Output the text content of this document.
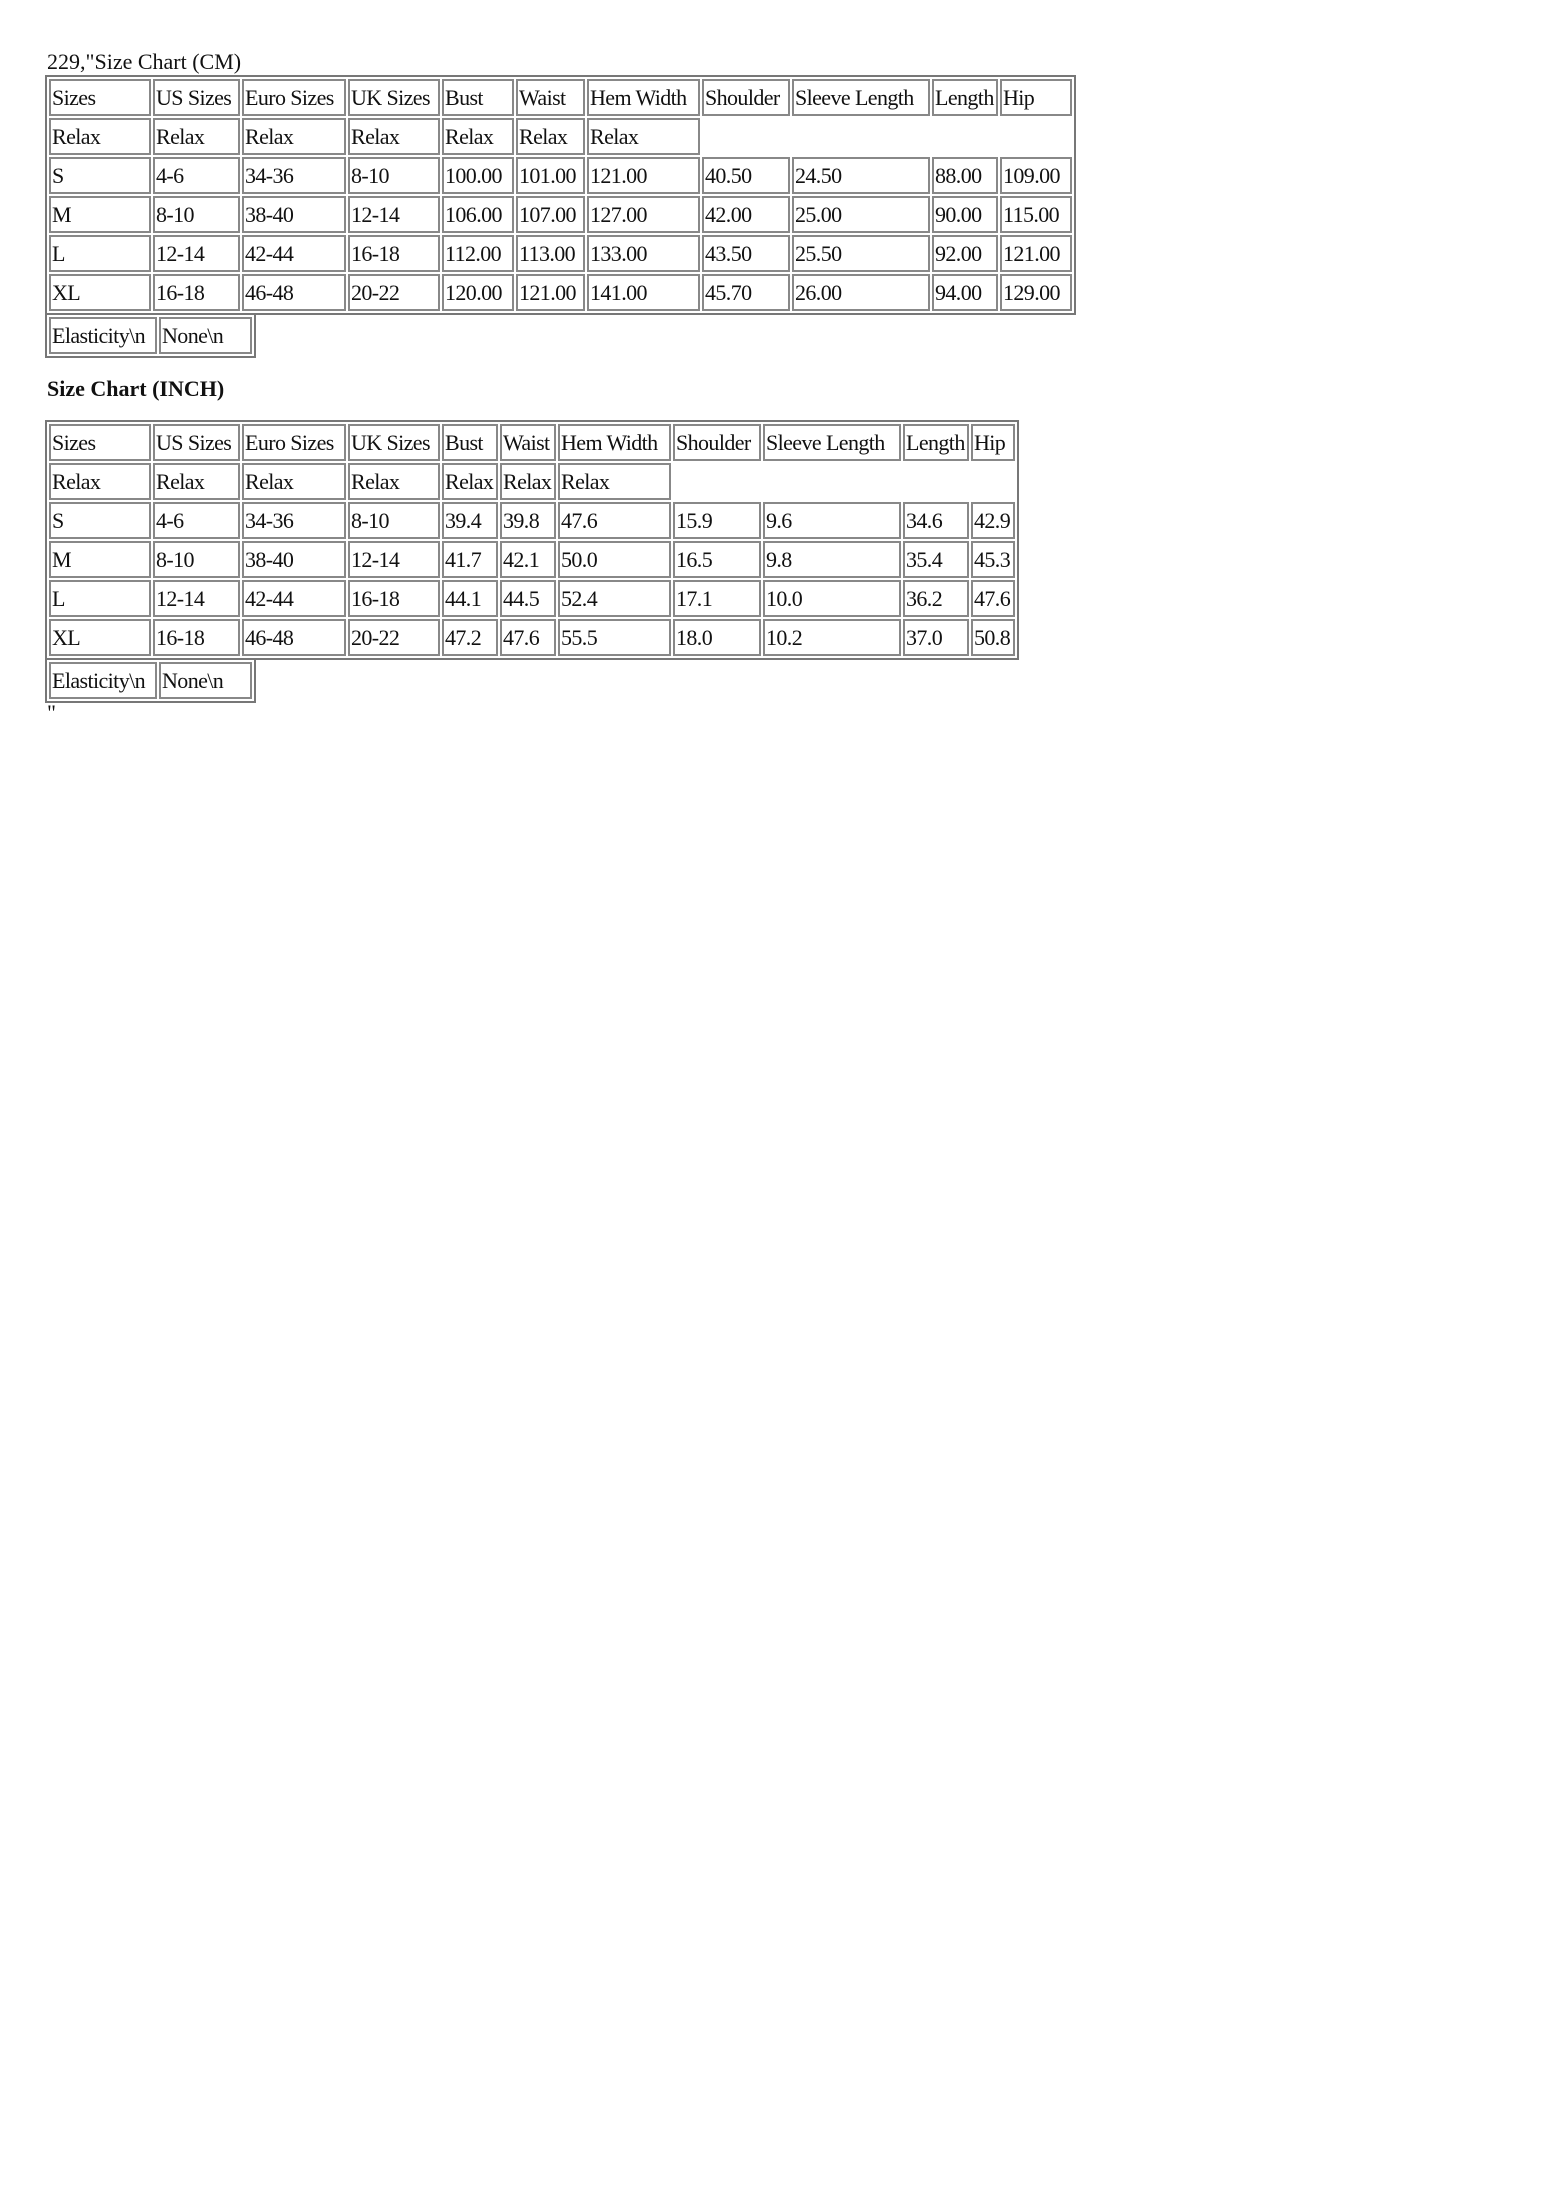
229,"Size Chart (CM)

Sizes	US Sizes	Euro Sizes	UK Sizes	Bust	Waist	Hem Width	Shoulder	Sleeve Length	Length	Hip
Relax	Relax	Relax	Relax	Relax	Relax	Relax				
S	4-6	34-36	8-10	100.00	101.00	121.00	40.50	24.50	88.00	109.00
M	8-10	38-40	12-14	106.00	107.00	127.00	42.00	25.00	90.00	115.00
L	12-14	42-44	16-18	112.00	113.00	133.00	43.50	25.50	92.00	121.00
XL	16-18	46-48	20-22	120.00	121.00	141.00	45.70	26.00	94.00	129.00
Elasticity\n	None\n
Size Chart (INCH)
Sizes	US Sizes	Euro Sizes	UK Sizes	Bust	Waist	Hem Width	Shoulder	Sleeve Length	Length	Hip
Relax	Relax	Relax	Relax	Relax	Relax	Relax				
S	4-6	34-36	8-10	39.4	39.8	47.6	15.9	9.6	34.6	42.9
M	8-10	38-40	12-14	41.7	42.1	50.0	16.5	9.8	35.4	45.3
L	12-14	42-44	16-18	44.1	44.5	52.4	17.1	10.0	36.2	47.6
XL	16-18	46-48	20-22	47.2	47.6	55.5	18.0	10.2	37.0	50.8
Elasticity\n	None\n

"
